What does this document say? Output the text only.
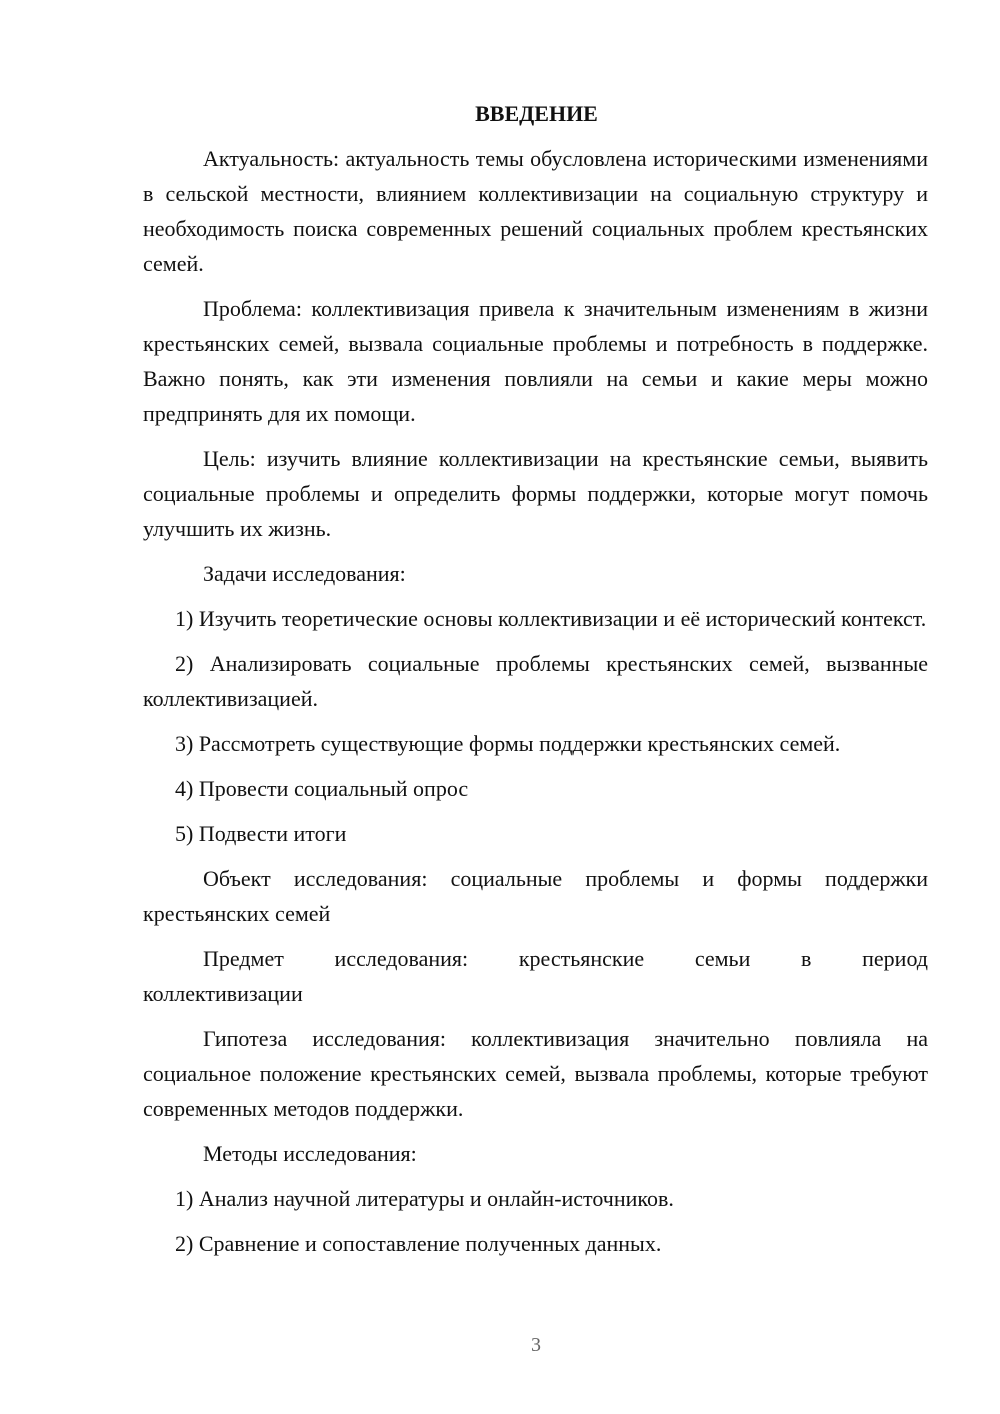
ВВЕДЕНИЕ

Актуальность: актуальность темы обусловлена историческими изменениями в сельской местности, влиянием коллективизации на социальную структуру и необходимость поиска современных решений социальных проблем крестьянских семей.

Проблема: коллективизация привела к значительным изменениям в жизни крестьянских семей, вызвала социальные проблемы и потребность в поддержке. Важно понять, как эти изменения повлияли на семьи и какие меры можно предпринять для их помощи.

Цель: изучить влияние коллективизации на крестьянские семьи, выявить социальные проблемы и определить формы поддержки, которые могут помочь улучшить их жизнь.

Задачи исследования:

1) Изучить теоретические основы коллективизации и её исторический контекст.

2) Анализировать социальные проблемы крестьянских семей, вызванные коллективизацией.

3) Рассмотреть существующие формы поддержки крестьянских семей.

4) Провести социальный опрос

5) Подвести итоги

Объект исследования: социальные проблемы и формы поддержки крестьянских семей

Предмет исследования: крестьянские семьи в период
коллективизации

Гипотеза исследования: коллективизация значительно повлияла на социальное положение крестьянских семей, вызвала проблемы, которые требуют современных методов поддержки.

Методы исследования:

1) Анализ научной литературы и онлайн-источников.

2) Сравнение и сопоставление полученных данных.

3
